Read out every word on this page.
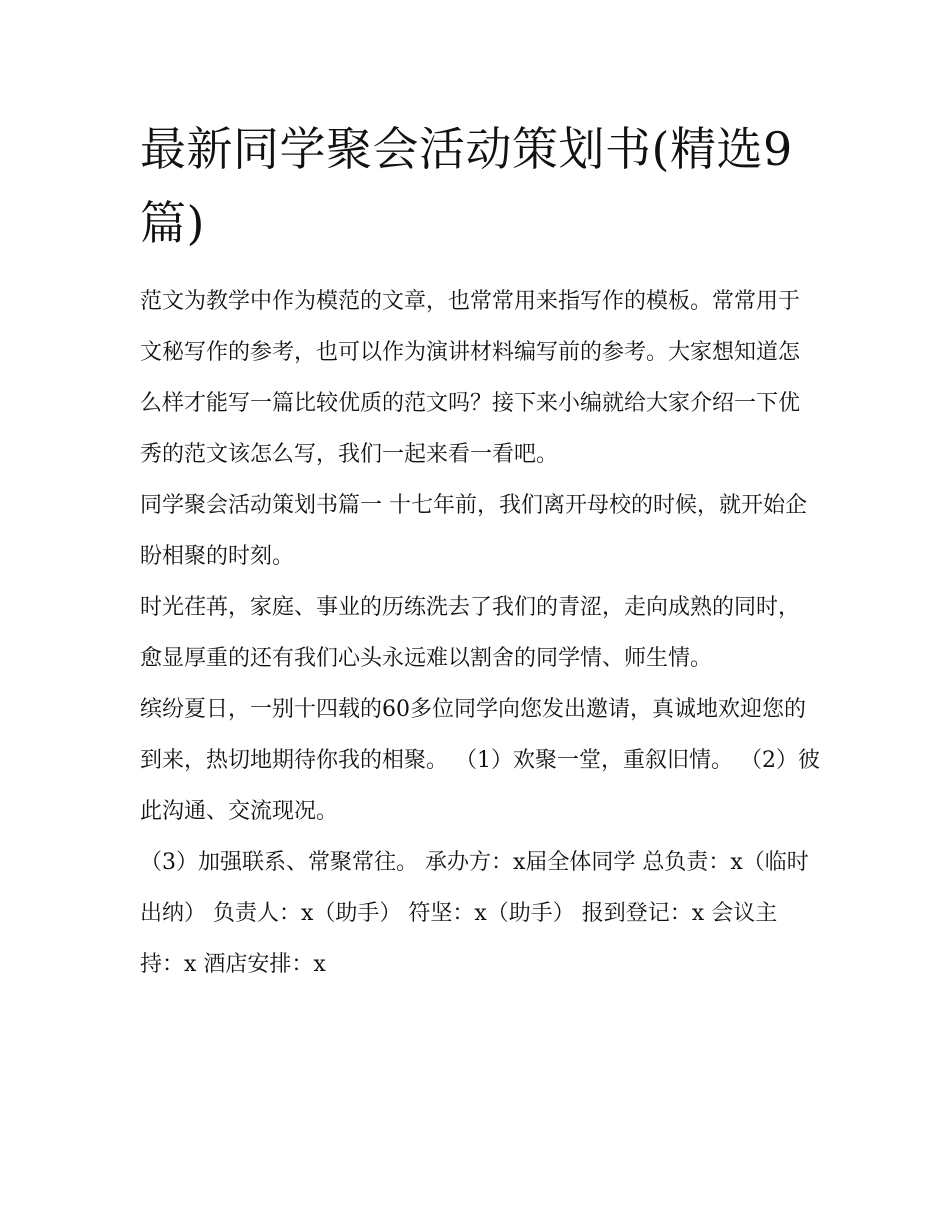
最新同学聚会活动策划书(精选9篇)

范文为教学中作为模范的文章，也常常用来指写作的模板。常常用于文秘写作的参考，也可以作为演讲材料编写前的参考。大家想知道怎么样才能写一篇比较优质的范文吗？接下来小编就给大家介绍一下优秀的范文该怎么写，我们一起来看一看吧。

同学聚会活动策划书篇一 十七年前，我们离开母校的时候，就开始企盼相聚的时刻。

时光荏苒，家庭、事业的历练洗去了我们的青涩，走向成熟的同时，愈显厚重的还有我们心头永远难以割舍的同学情、师生情。

缤纷夏日，一别十四载的60多位同学向您发出邀请，真诚地欢迎您的到来，热切地期待你我的相聚。 （1）欢聚一堂，重叙旧情。 （2）彼此沟通、交流现况。

（3）加强联系、常聚常往。 承办方：x届全体同学 总负责：x（临时出纳） 负责人：x（助手） 符坚：x（助手） 报到登记：x 会议主持：x 酒店安排：x
